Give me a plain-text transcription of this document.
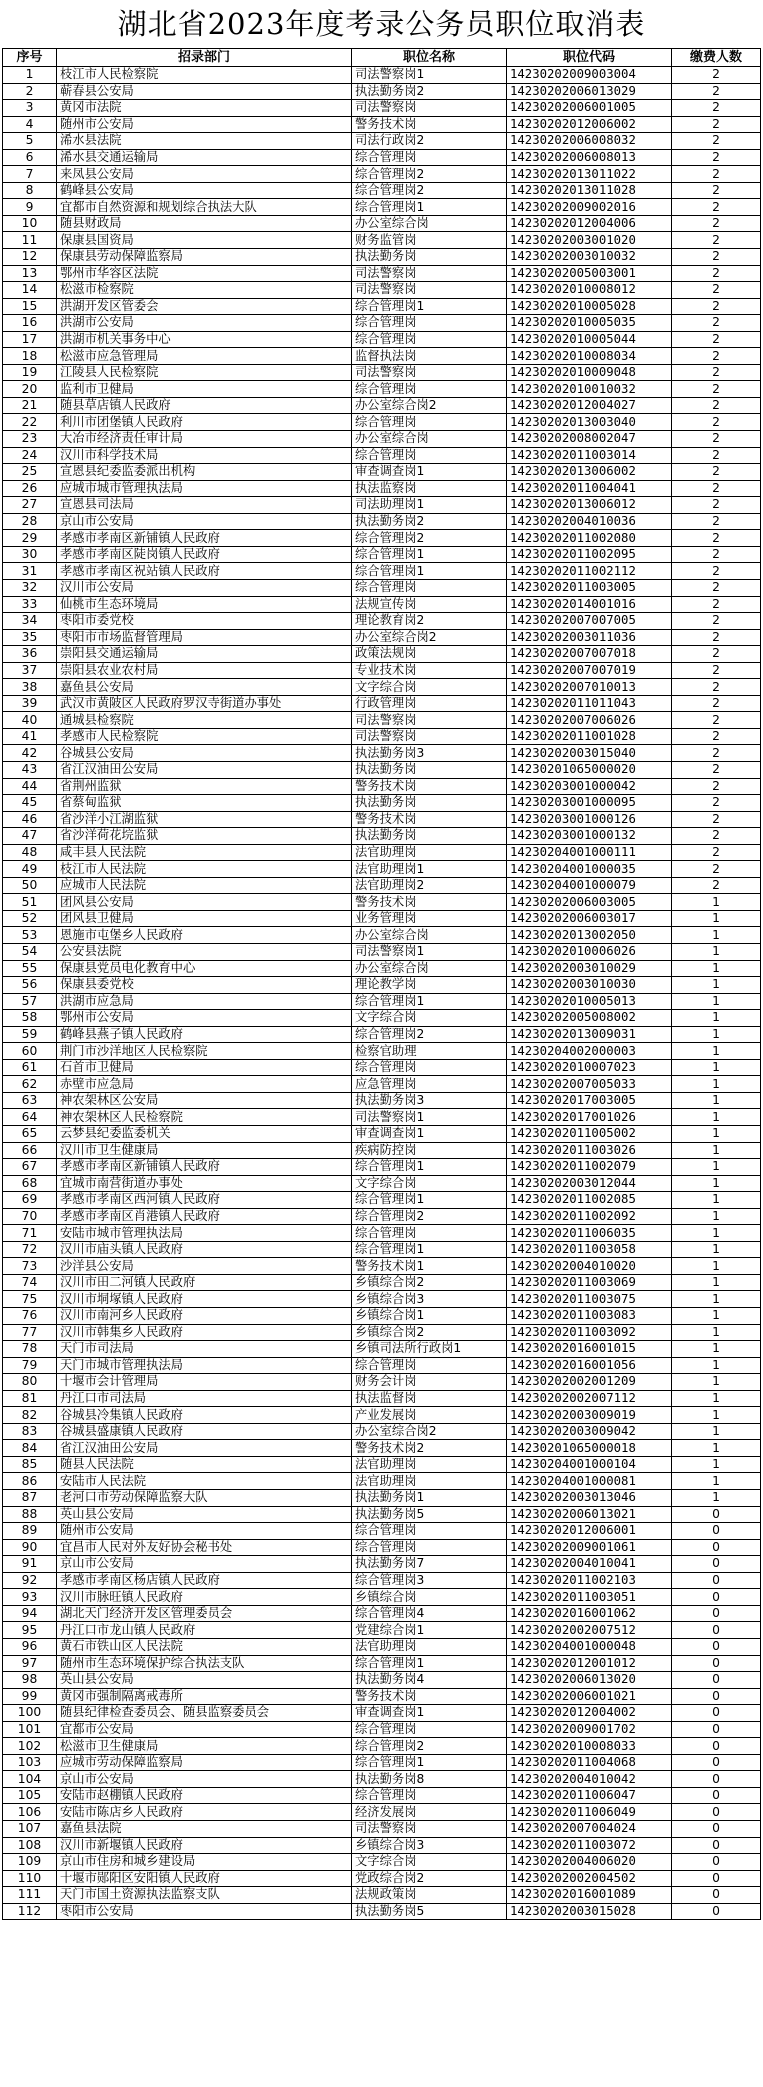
湖北省2023年度考录公务员职位取消表
序号	招录部门	职位名称	职位代码	缴费人数
1	枝江市人民检察院	司法警察岗1	14230202009003004	2
2	蕲春县公安局	执法勤务岗2	14230202006013029	2
3	黄冈市法院	司法警察岗	14230202006001005	2
4	随州市公安局	警务技术岗	14230202012006002	2
5	浠水县法院	司法行政岗2	14230202006008032	2
6	浠水县交通运输局	综合管理岗	14230202006008013	2
7	来凤县公安局	综合管理岗2	14230202013011022	2
8	鹤峰县公安局	综合管理岗2	14230202013011028	2
9	宜都市自然资源和规划综合执法大队	综合管理岗1	14230202009002016	2
10	随县财政局	办公室综合岗	14230202012004006	2
11	保康县国资局	财务监管岗	14230202003001020	2
12	保康县劳动保障监察局	执法勤务岗	14230202003010032	2
13	鄂州市华容区法院	司法警察岗	14230202005003001	2
14	松滋市检察院	司法警察岗	14230202010008012	2
15	洪湖开发区管委会	综合管理岗1	14230202010005028	2
16	洪湖市公安局	综合管理岗	14230202010005035	2
17	洪湖市机关事务中心	综合管理岗	14230202010005044	2
18	松滋市应急管理局	监督执法岗	14230202010008034	2
19	江陵县人民检察院	司法警察岗	14230202010009048	2
20	监利市卫健局	综合管理岗	14230202010010032	2
21	随县草店镇人民政府	办公室综合岗2	14230202012004027	2
22	利川市团堡镇人民政府	综合管理岗	14230202013003040	2
23	大冶市经济责任审计局	办公室综合岗	14230202008002047	2
24	汉川市科学技术局	综合管理岗	14230202011003014	2
25	宣恩县纪委监委派出机构	审查调查岗1	14230202013006002	2
26	应城市城市管理执法局	执法监察岗	14230202011004041	2
27	宣恩县司法局	司法助理岗1	14230202013006012	2
28	京山市公安局	执法勤务岗2	14230202004010036	2
29	孝感市孝南区新铺镇人民政府	综合管理岗2	14230202011002080	2
30	孝感市孝南区陡岗镇人民政府	综合管理岗1	14230202011002095	2
31	孝感市孝南区祝站镇人民政府	综合管理岗1	14230202011002112	2
32	汉川市公安局	综合管理岗	14230202011003005	2
33	仙桃市生态环境局	法规宣传岗	14230202014001016	2
34	枣阳市委党校	理论教育岗2	14230202007007005	2
35	枣阳市市场监督管理局	办公室综合岗2	14230202003011036	2
36	崇阳县交通运输局	政策法规岗	14230202007007018	2
37	崇阳县农业农村局	专业技术岗	14230202007007019	2
38	嘉鱼县公安局	文字综合岗	14230202007010013	2
39	武汉市黄陂区人民政府罗汉寺街道办事处	行政管理岗	14230202011011043	2
40	通城县检察院	司法警察岗	14230202007006026	2
41	孝感市人民检察院	司法警察岗	14230202011001028	2
42	谷城县公安局	执法勤务岗3	14230202003015040	2
43	省江汉油田公安局	执法勤务岗	14230201065000020	2
44	省荆州监狱	警务技术岗	14230203001000042	2
45	省蔡甸监狱	执法勤务岗	14230203001000095	2
46	省沙洋小江湖监狱	警务技术岗	14230203001000126	2
47	省沙洋荷花垸监狱	执法勤务岗	14230203001000132	2
48	咸丰县人民法院	法官助理岗	14230204001000111	2
49	枝江市人民法院	法官助理岗1	14230204001000035	2
50	应城市人民法院	法官助理岗2	14230204001000079	2
51	团风县公安局	警务技术岗	14230202006003005	1
52	团风县卫健局	业务管理岗	14230202006003017	1
53	恩施市屯堡乡人民政府	办公室综合岗	14230202013002050	1
54	公安县法院	司法警察岗1	14230202010006026	1
55	保康县党员电化教育中心	办公室综合岗	14230202003010029	1
56	保康县委党校	理论教学岗	14230202003010030	1
57	洪湖市应急局	综合管理岗1	14230202010005013	1
58	鄂州市公安局	文字综合岗	14230202005008002	1
59	鹤峰县燕子镇人民政府	综合管理岗2	14230202013009031	1
60	荆门市沙洋地区人民检察院	检察官助理	14230204002000003	1
61	石首市卫健局	综合管理岗	14230202010007023	1
62	赤壁市应急局	应急管理岗	14230202007005033	1
63	神农架林区公安局	执法勤务岗3	14230202017003005	1
64	神农架林区人民检察院	司法警察岗1	14230202017001026	1
65	云梦县纪委监委机关	审查调查岗1	14230202011005002	1
66	汉川市卫生健康局	疾病防控岗	14230202011003026	1
67	孝感市孝南区新铺镇人民政府	综合管理岗1	14230202011002079	1
68	宜城市南营街道办事处	文字综合岗	14230202003012044	1
69	孝感市孝南区西河镇人民政府	综合管理岗1	14230202011002085	1
70	孝感市孝南区肖港镇人民政府	综合管理岗2	14230202011002092	1
71	安陆市城市管理执法局	综合管理岗	14230202011006035	1
72	汉川市庙头镇人民政府	综合管理岗1	14230202011003058	1
73	沙洋县公安局	警务技术岗1	14230202004010020	1
74	汉川市田二河镇人民政府	乡镇综合岗2	14230202011003069	1
75	汉川市垌塚镇人民政府	乡镇综合岗3	14230202011003075	1
76	汉川市南河乡人民政府	乡镇综合岗1	14230202011003083	1
77	汉川市韩集乡人民政府	乡镇综合岗2	14230202011003092	1
78	天门市司法局	乡镇司法所行政岗1	14230202016001015	1
79	天门市城市管理执法局	综合管理岗	14230202016001056	1
80	十堰市会计管理局	财务会计岗	14230202002001209	1
81	丹江口市司法局	执法监督岗	14230202002007112	1
82	谷城县冷集镇人民政府	产业发展岗	14230202003009019	1
83	谷城县盛康镇人民政府	办公室综合岗2	14230202003009042	1
84	省江汉油田公安局	警务技术岗2	14230201065000018	1
85	随县人民法院	法官助理岗	14230204001000104	1
86	安陆市人民法院	法官助理岗	14230204001000081	1
87	老河口市劳动保障监察大队	执法勤务岗1	14230202003013046	1
88	英山县公安局	执法勤务岗5	14230202006013021	0
89	随州市公安局	综合管理岗	14230202012006001	0
90	宜昌市人民对外友好协会秘书处	综合管理岗	14230202009001061	0
91	京山市公安局	执法勤务岗7	14230202004010041	0
92	孝感市孝南区杨店镇人民政府	综合管理岗3	14230202011002103	0
93	汉川市脉旺镇人民政府	乡镇综合岗	14230202011003051	0
94	湖北天门经济开发区管理委员会	综合管理岗4	14230202016001062	0
95	丹江口市龙山镇人民政府	党建综合岗1	14230202002007512	0
96	黄石市铁山区人民法院	法官助理岗	14230204001000048	0
97	随州市生态环境保护综合执法支队	综合管理岗1	14230202012001012	0
98	英山县公安局	执法勤务岗4	14230202006013020	0
99	黄冈市强制隔离戒毒所	警务技术岗	14230202006001021	0
100	随县纪律检查委员会、随县监察委员会	审查调查岗1	14230202012004002	0
101	宜都市公安局	综合管理岗	14230202009001702	0
102	松滋市卫生健康局	综合管理岗2	14230202010008033	0
103	应城市劳动保障监察局	综合管理岗1	14230202011004068	0
104	京山市公安局	执法勤务岗8	14230202004010042	0
105	安陆市赵棚镇人民政府	综合管理岗	14230202011006047	0
106	安陆市陈店乡人民政府	经济发展岗	14230202011006049	0
107	嘉鱼县法院	司法警察岗	14230202007004024	0
108	汉川市新堰镇人民政府	乡镇综合岗3	14230202011003072	0
109	京山市住房和城乡建设局	文字综合岗	14230202004006020	0
110	十堰市郧阳区安阳镇人民政府	党政综合岗2	14230202002004502	0
111	天门市国土资源执法监察支队	法规政策岗	14230202016001089	0
112	枣阳市公安局	执法勤务岗5	14230202003015028	0
